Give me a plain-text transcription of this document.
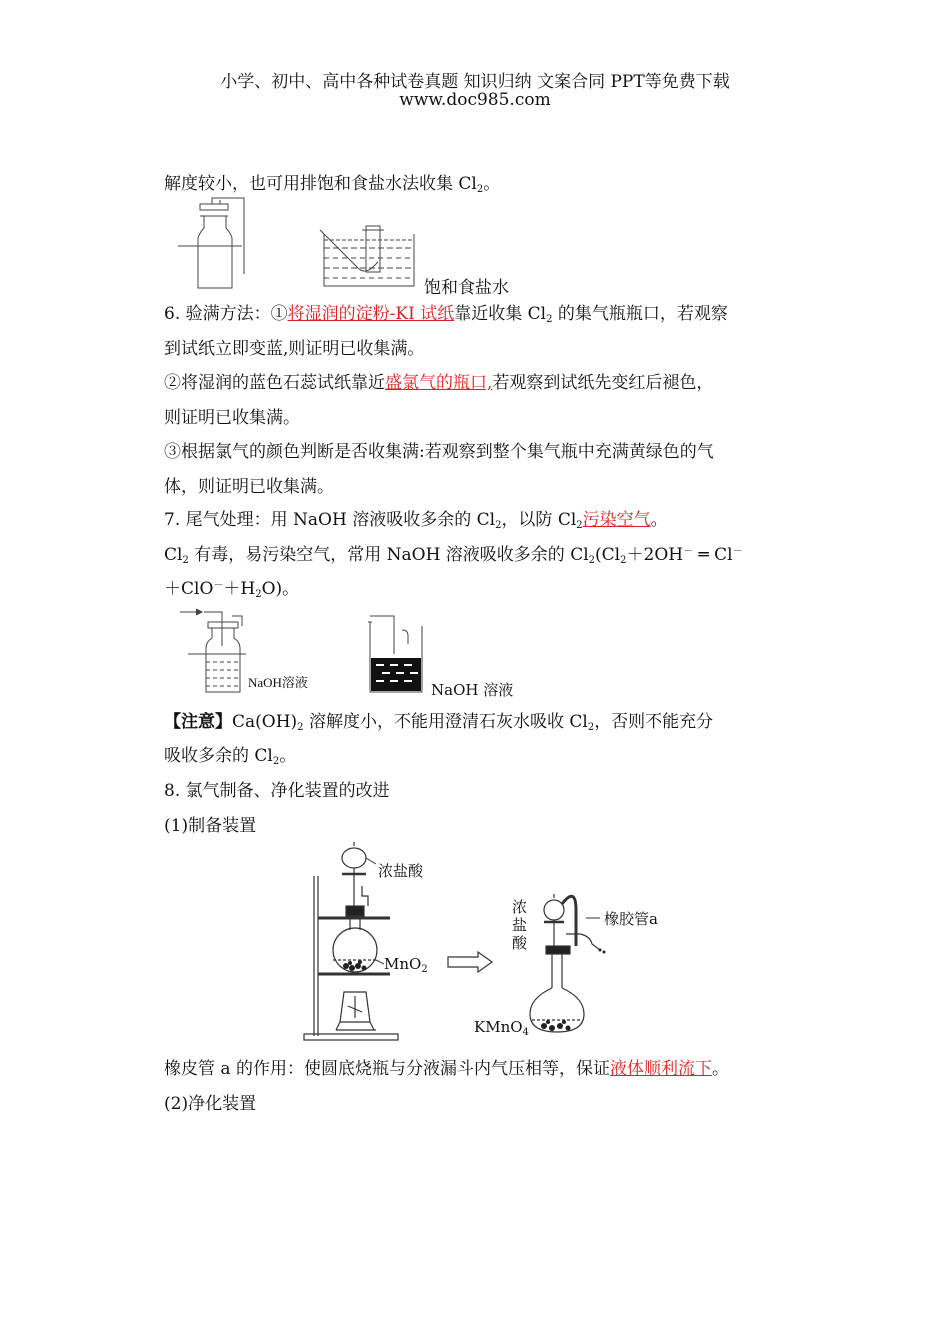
小学、初中、高中各种试卷真题 知识归纳 文案合同 PPT等免费下载
www.doc985.com
解度较小，也可用排饱和食盐水法收集 $Cl_2$。
饱和食盐水
6. 验满方法：①将湿润的淀粉-KI 试纸靠近收集 $Cl_2$ 的集气瓶瓶口，若观察
到试纸立即变蓝,则证明已收集满。
②将湿润的蓝色石蕊试纸靠近盛氯气的瓶口,若观察到试纸先变红后褪色，
则证明已收集满。
③根据氯气的颜色判断是否收集满:若观察到整个集气瓶中充满黄绿色的气
体，则证明已收集满。
7. 尾气处理：用 NaOH 溶液吸收多余的 $Cl_2$，以防 $Cl_2$污染空气。
$Cl_2$ 有毒，易污染空气，常用 NaOH 溶液吸收多余的 $Cl_2(Cl_2+2OH^-$ ═ Cl－
$+ClO^-+H_2O$)。
NaOH溶液	NaOH 溶液
【注意】$Ca(OH)_2$ 溶解度小，不能用澄清石灰水吸收 $Cl_2$，否则不能充分
吸收多余的 $Cl_2$。
8. 氯气制备、净化装置的改进
(1)制备装置
浓盐酸
MnO$_2$
浓
盐
酸
橡胶管a
KMnO$_4$
橡皮管 a 的作用：使圆底烧瓶与分液漏斗内气压相等，保证液体顺利流下。
(2)净化装置
